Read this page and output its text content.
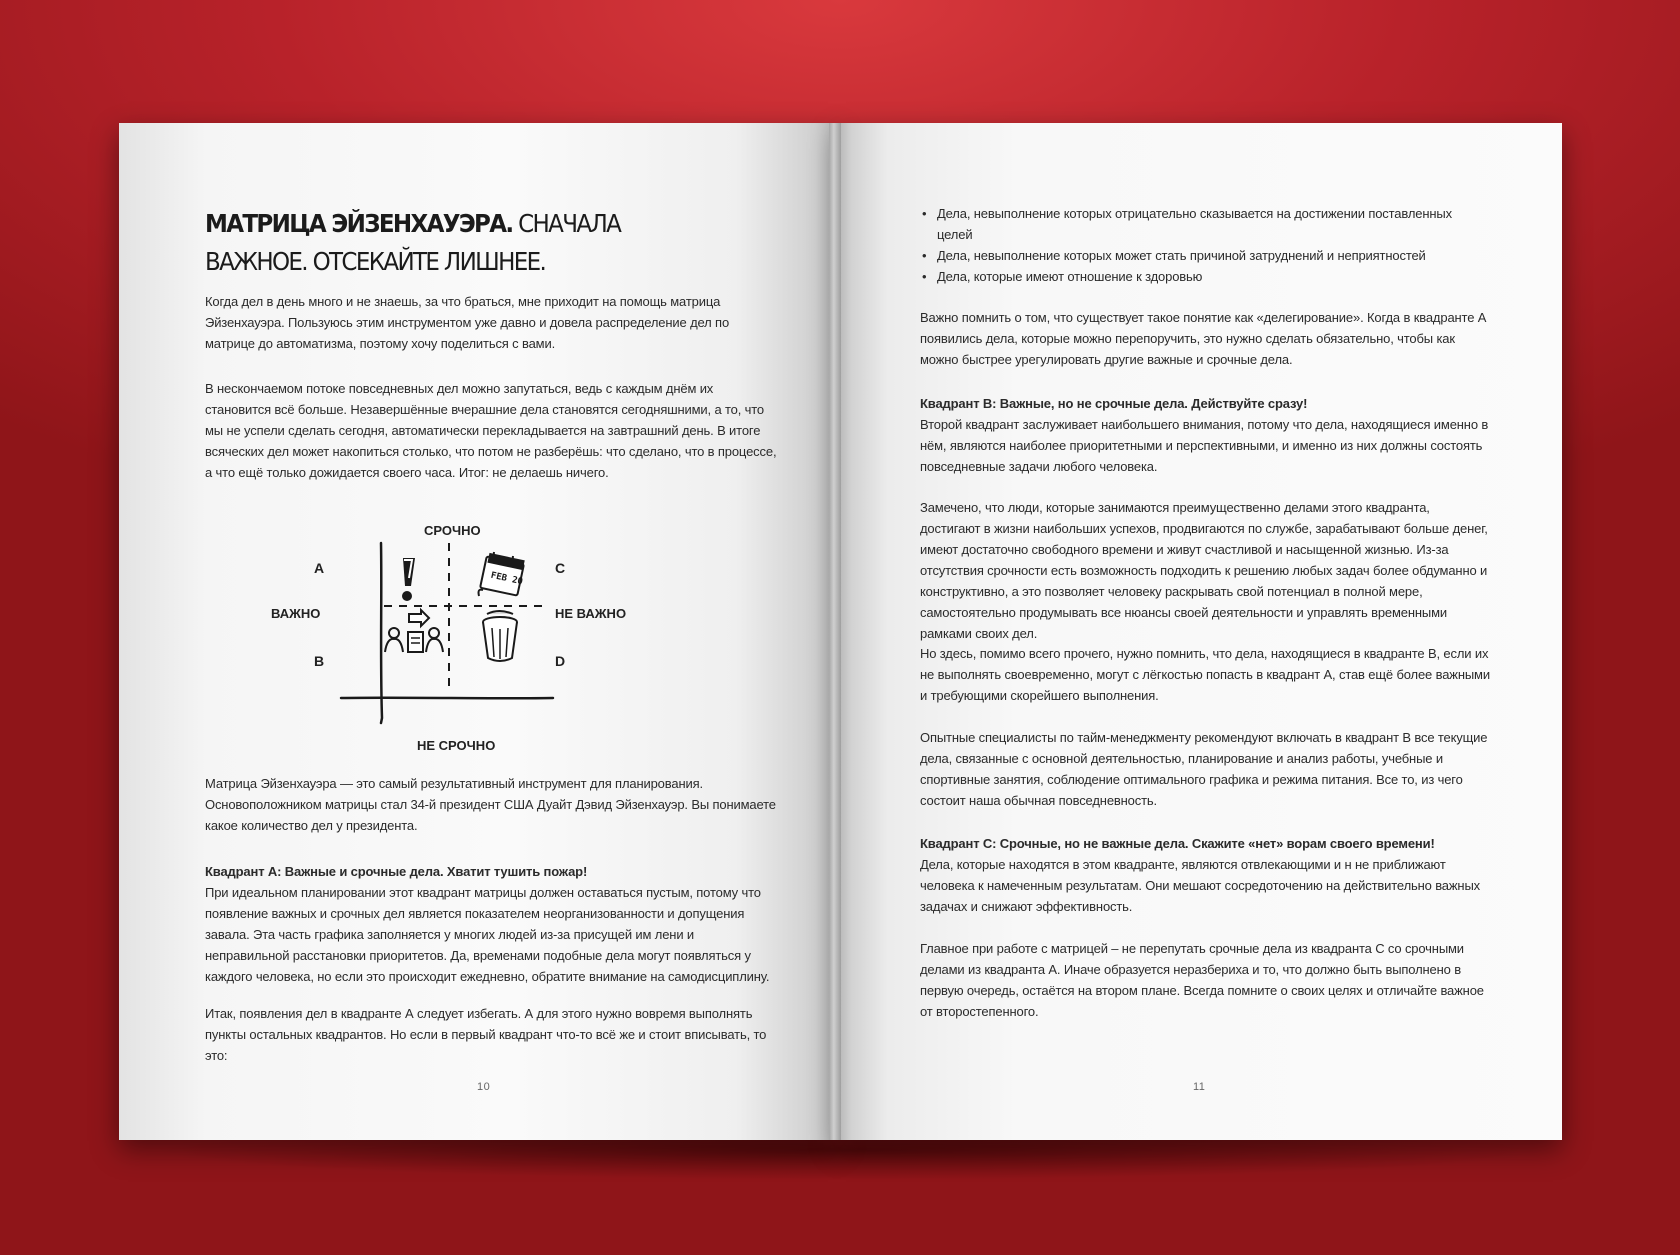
МАТРИЦА ЭЙЗЕНХАУЭРА. СНАЧАЛА ВАЖНОЕ. ОТСЕКАЙТЕ ЛИШНЕЕ.

Когда дел в день много и не знаешь, за что браться, мне приходит на помощь матрица Эйзенхауэра. Пользуюсь этим инструментом уже давно и довела распределение дел по матрице до автоматизма, поэтому хочу поделиться с вами.

В нескончаемом потоке повседневных дел можно запутаться, ведь с каждым днём их становится всё больше. Незавершённые вчерашние дела становятся сегодняшними, а то, что мы не успели сделать сегодня, автоматически перекладывается на завтрашний день. В итоге всяческих дел может накопиться столько, что потом не разберёшь: что сделано, что в процессе, а что ещё только дожидается своего часа. Итог: не делаешь ничего.

FEB 20
СРОЧНО
НЕ СРОЧНО
ВАЖНО	НЕ ВАЖНО
А
В
С
D

Матрица Эйзенхауэра — это самый результативный инструмент для планирования. Основоположником матрицы стал 34-й президент США Дуайт Дэвид Эйзенхауэр. Вы понимаете какое количество дел у президента.

Квадрант А: Важные и срочные дела. Хватит тушить пожар!
При идеальном планировании этот квадрант матрицы должен оставаться пустым, потому что появление важных и срочных дел является показателем неорганизованности и допущения завала. Эта часть графика заполняется у многих людей из-за присущей им лени и неправильной расстановки приоритетов. Да, временами подобные дела могут появляться у каждого человека, но если это происходит ежедневно, обратите внимание на самодисциплину.

Итак, появления дел в квадранте А следует избегать. А для этого нужно вовремя выполнять пункты остальных квадрантов. Но если в первый квадрант что-то всё же и стоит вписывать, то это:

10
• Дела, невыполнение которых отрицательно сказывается на достижении поставленных целей
• Дела, невыполнение которых может стать причиной затруднений и неприятностей
• Дела, которые имеют отношение к здоровью

Важно помнить о том, что существует такое понятие как «делегирование». Когда в квадранте А появились дела, которые можно перепоручить, это нужно сделать обязательно, чтобы как можно быстрее урегулировать другие важные и срочные дела.

Квадрант В: Важные, но не срочные дела. Действуйте сразу!
Второй квадрант заслуживает наибольшего внимания, потому что дела, находящиеся именно в нём, являются наиболее приоритетными и перспективными, и именно из них должны состоять повседневные задачи любого человека.

Замечено, что люди, которые занимаются преимущественно делами этого квадранта, достигают в жизни наибольших успехов, продвигаются по службе, зарабатывают больше денег, имеют достаточно свободного времени и живут счастливой и насыщенной жизнью. Из-за отсутствия срочности есть возможность подходить к решению любых задач более обдуманно и конструктивно, а это позволяет человеку раскрывать свой потенциал в полной мере, самостоятельно продумывать все нюансы своей деятельности и управлять временными рамками своих дел.

Но здесь, помимо всего прочего, нужно помнить, что дела, находящиеся в квадранте В, если их не выполнять своевременно, могут с лёгкостью попасть в квадрант А, став ещё более важными и требующими скорейшего выполнения.

Опытные специалисты по тайм-менеджменту рекомендуют включать в квадрант В все текущие дела, связанные с основной деятельностью, планирование и анализ работы, учебные и спортивные занятия, соблюдение оптимального графика и режима питания. Все то, из чего состоит наша обычная повседневность.

Квадрант С: Срочные, но не важные дела. Скажите «нет» ворам своего времени!
Дела, которые находятся в этом квадранте, являются отвлекающими и н не приближают человека к намеченным результатам. Они мешают сосредоточению на действительно важных задачах и снижают эффективность.

Главное при работе с матрицей – не перепутать срочные дела из квадранта С со срочными делами из квадранта А. Иначе образуется неразбериха и то, что должно быть выполнено в первую очередь, остаётся на втором плане. Всегда помните о своих целях и отличайте важное от второстепенного.

11
